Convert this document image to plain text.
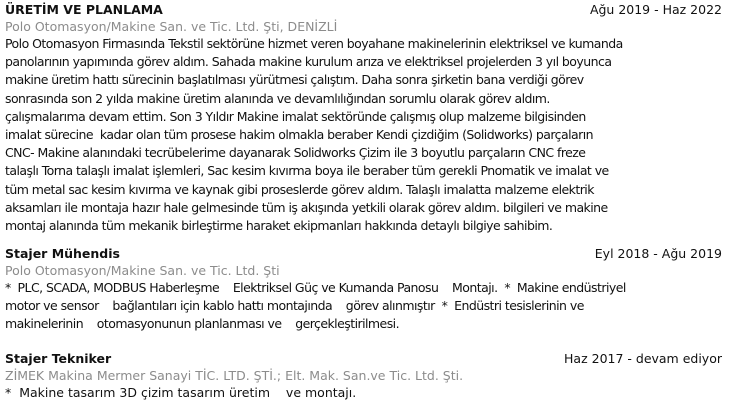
ÜRETİM VE PLANLAMA	Ağu 2019 - Haz 2022
Polo Otomasyon/Makine San. ve Tic. Ltd. Şti, DENİZLİ
Polo Otomasyon Firmasında Tekstil sektörüne hizmet veren boyahane makinelerinin elektriksel ve kumanda
panolarının yapımında görev aldım. Sahada makine kurulum arıza ve elektriksel projelerden 3 yıl boyunca
makine üretim hattı sürecinin başlatılması yürütmesi çalıştım. Daha sonra şirketin bana verdiği görev
sonrasında son 2 yılda makine üretim alanında ve devamlılığından sorumlu olarak görev aldım.
çalışmalarıma devam ettim. Son 3 Yıldır Makine imalat sektöründe çalışmış olup malzeme bilgisinden
imalat sürecine  kadar olan tüm prosese hakim olmakla beraber Kendi çizdiğim (Solidworks) parçaların
CNC- Makine alanındaki tecrübelerime dayanarak Solidworks Çizim ile 3 boyutlu parçaların CNC freze
talaşlı Torna talaşlı imalat işlemleri, Sac kesim kıvırma boya ile beraber tüm gerekli Pnomatik ve imalat ve
tüm metal sac kesim kıvırma ve kaynak gibi proseslerde görev aldım. Talaşlı imalatta malzeme elektrik
aksamları ile montaja hazır hale gelmesinde tüm iş akışında yetkili olarak görev aldım. bilgileri ve makine
montaj alanında tüm mekanik birleştirme haraket ekipmanları hakkında detaylı bilgiye sahibim.
Stajer Mühendis	Eyl 2018 - Ağu 2019
Polo Otomasyon/Makine San. ve Tic. Ltd. Şti
*  PLC, SCADA, MODBUS Haberleşme    Elektriksel Güç ve Kumanda Panosu    Montajı.  *  Makine endüstriyel
motor ve sensor    bağlantıları için kablo hattı montajında    görev alınmıştır  *  Endüstri tesislerinin ve
makinelerinin    otomasyonunun planlanması ve    gerçekleştirilmesi.
Stajer Tekniker	Haz 2017 - devam ediyor
ZİMEK Makina Mermer Sanayi TİC. LTD. ŞTİ.; Elt. Mak. San.ve Tic. Ltd. Şti.
*  Makine tasarım 3D çizim tasarım üretim    ve montajı.
